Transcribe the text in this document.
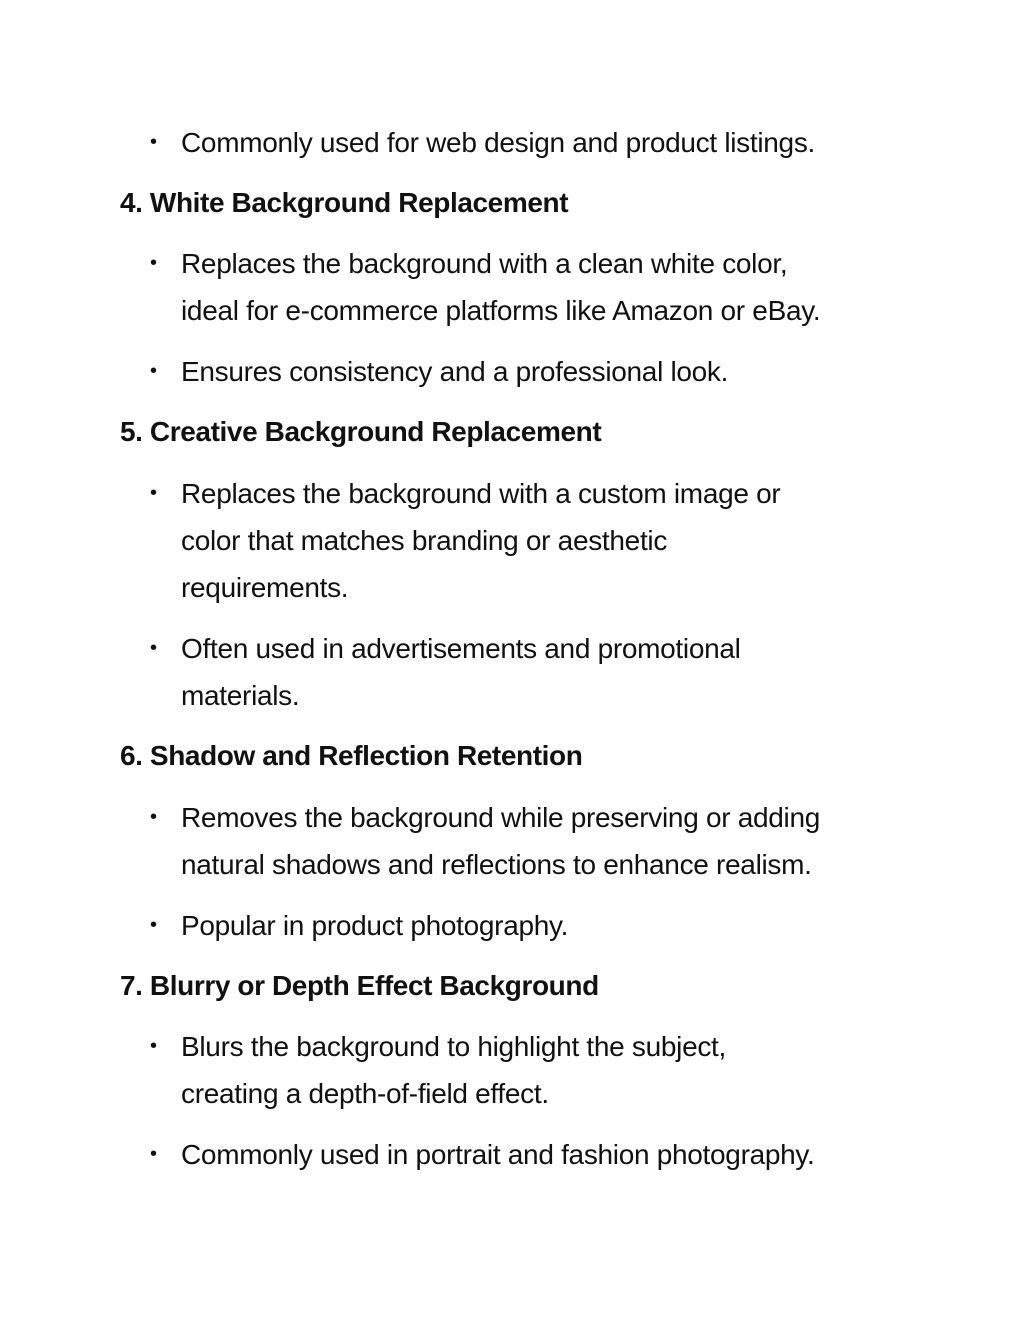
• Commonly used for web design and product listings.
4. White Background Replacement
• Replaces the background with a clean white color,
ideal for e-commerce platforms like Amazon or eBay.
• Ensures consistency and a professional look.
5. Creative Background Replacement
• Replaces the background with a custom image or
color that matches branding or aesthetic
requirements.
• Often used in advertisements and promotional
materials.
6. Shadow and Reflection Retention
• Removes the background while preserving or adding
natural shadows and reflections to enhance realism.
• Popular in product photography.
7. Blurry or Depth Effect Background
• Blurs the background to highlight the subject,
creating a depth-of-field effect.
• Commonly used in portrait and fashion photography.
